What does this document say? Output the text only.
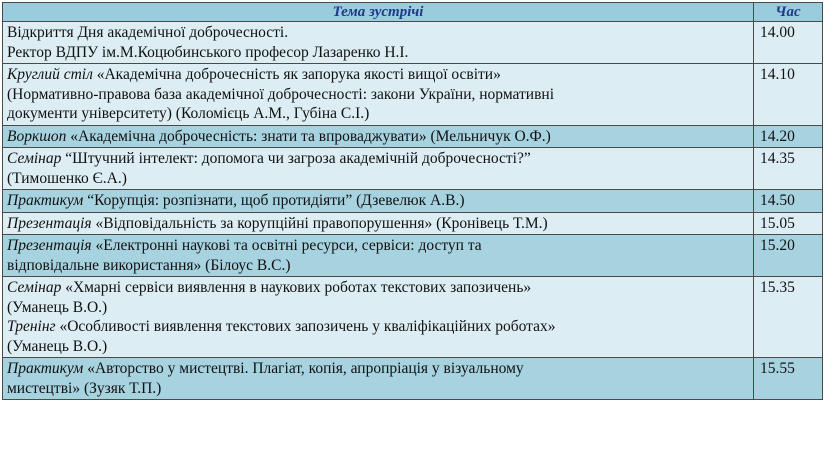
Тема зустрічі	Час

Відкриття Дня академічної доброчесності.
Ректор ВДПУ ім.М.Коцюбинського професор Лазаренко Н.І.	14.00

Круглий стіл «Академічна доброчесність як запорука якості вищої освіти»
(Нормативно-правова база академічної доброчесності: закони України, нормативні
документи університету) (Коломієць А.М., Губіна С.І.)	14.10

Воркшоп «Академічна доброчесність: знати та впроваджувати» (Мельничук О.Ф.)	14.20

Семінар “Штучний інтелект: допомога чи загроза академічній доброчесності?”
(Тимошенко Є.А.)	14.35

Практикум “Корупція: розпізнати, щоб протидіяти” (Дзевелюк А.В.)	14.50

Презентація «Відповідальність за корупційні правопорушення» (Кронівець Т.М.)	15.05

Презентація «Електронні наукові та освітні ресурси, сервіси: доступ та
відповідальне використання» (Білоус В.С.)	15.20

Семінар «Хмарні сервіси виявлення в наукових роботах текстових запозичень»
(Уманець В.О.)
Тренінг «Особливості виявлення текстових запозичень у кваліфікаційних роботах»
(Уманець В.О.)	15.35

Практикум «Авторство у мистецтві. Плагіат, копія, апропріація у візуальному
мистецтві» (Зузяк Т.П.)	15.55
